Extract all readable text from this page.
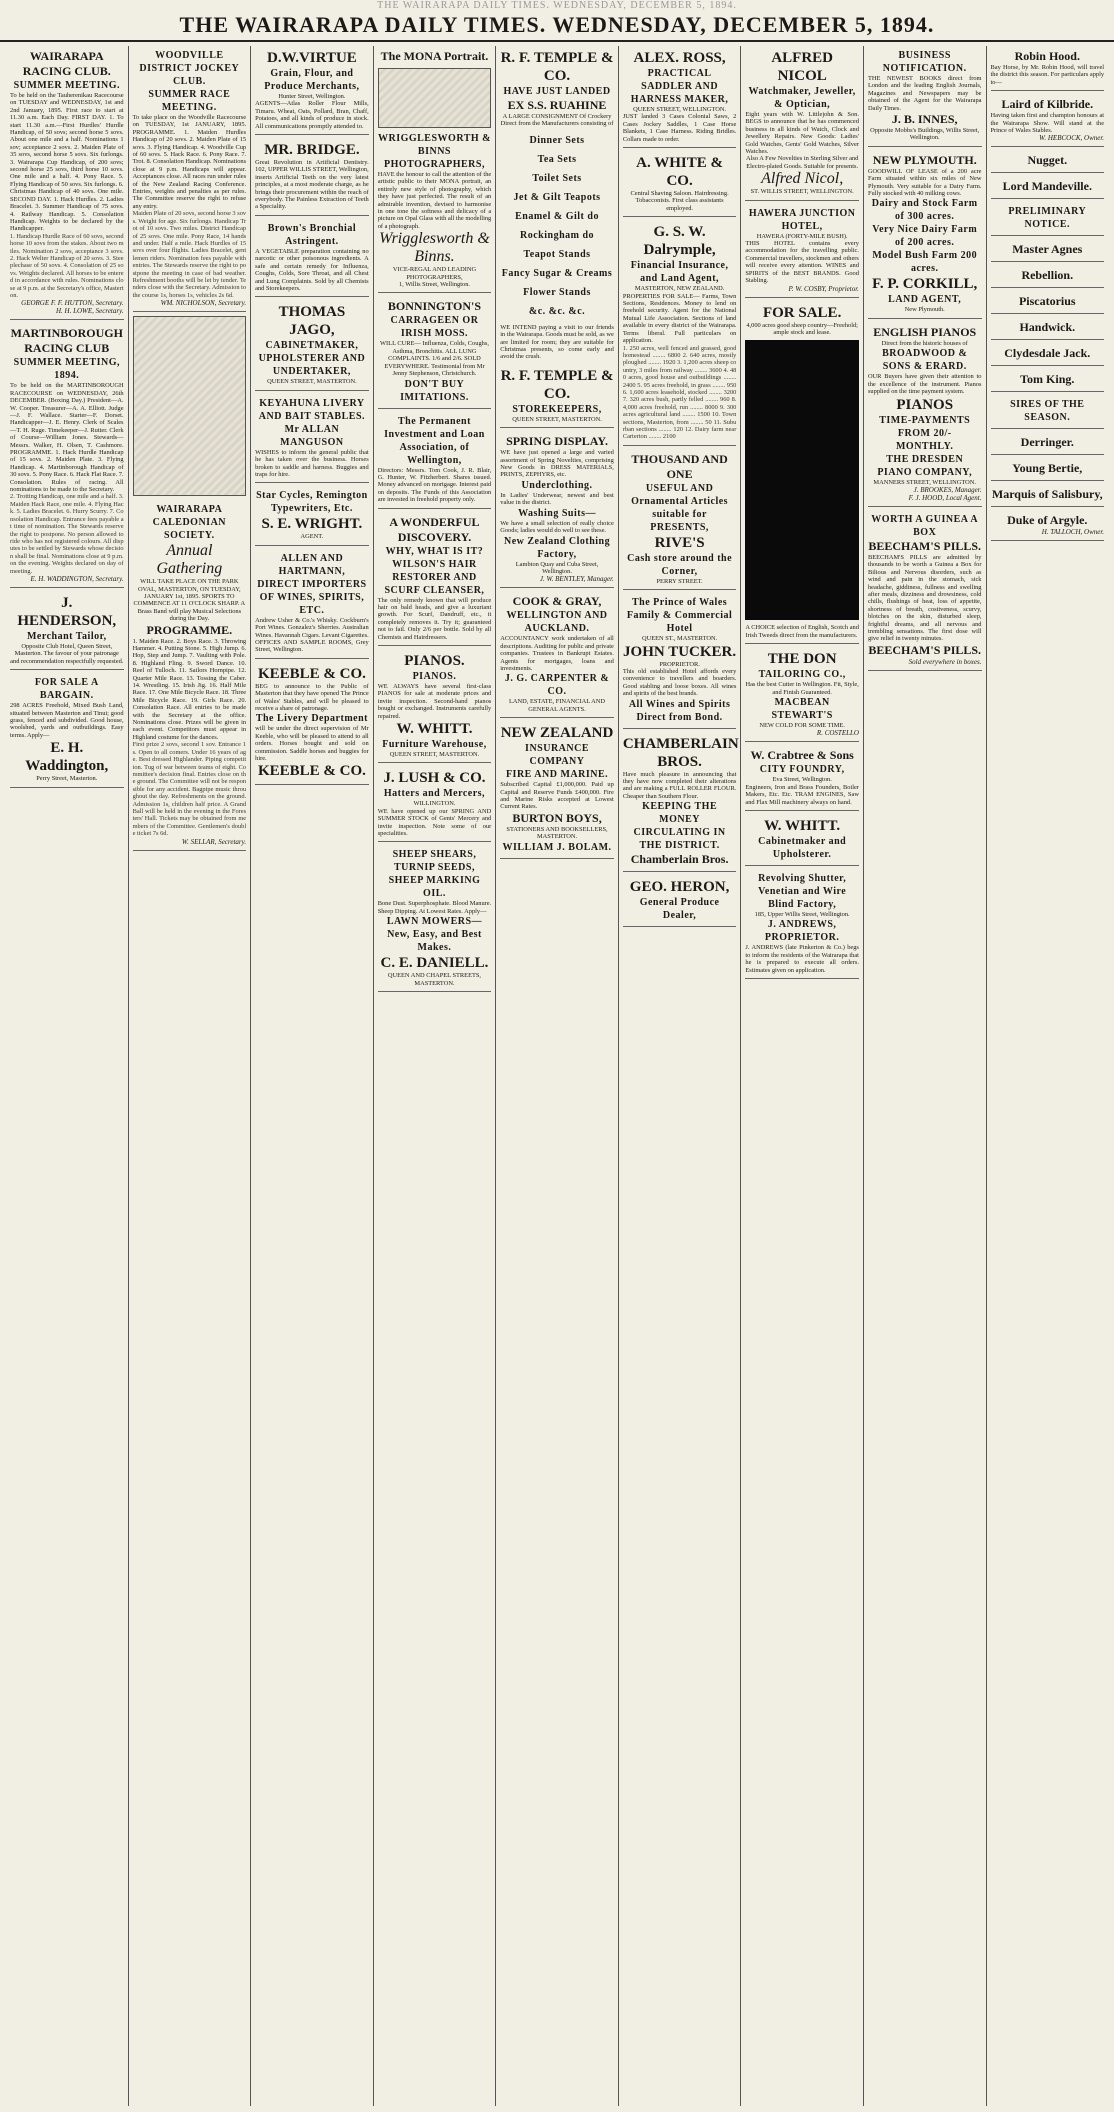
THE WAIRARAPA DAILY TIMES. WEDNESDAY, DECEMBER 5, 1894.
THE WAIRARAPA DAILY TIMES. WEDNESDAY, DECEMBER 5, 1894.
WAIRARAPA RACING CLUB.
SUMMER MEETING.
To be held on the Tauherenikau Racecourse on TUESDAY and WEDNESDAY, 1st and 2nd January, 1895. First race to start at 11.30 a.m. Each Day. FIRST DAY. 1. To start 11.30 a.m.—First Hurdles' Hurdle Handicap, of 50 sovs; second horse 5 sovs. About one mile and a half. Nominations 1 sov; acceptance 2 sovs. 2. Maiden Plate of 35 sovs, second horse 5 sovs. Six furlongs. 3. Wairarapa Cup Handicap, of 200 sovs; second horse 25 sovs, third horse 10 sovs. One mile and a half. 4. Pony Race. 5. Flying Handicap of 50 sovs. Six furlongs. 6. Christmas Handicap of 40 sovs. One mile. SECOND DAY. 1. Hack Hurdles. 2. Ladies Bracelet. 3. Summer Handicap of 75 sovs. 4. Railway Handicap. 5. Consolation Handicap. Weights to be declared by the Handicapper.
1. Handicap Hurdle Race of 60 sovs, second horse 10 sovs from the stakes. About two miles. Nomination 2 sovs, acceptance 3 sovs. 2. Hack Welter Handicap of 20 sovs. 3. Steeplechase of 50 sovs. 4. Consolation of 25 sovs. Weights declared. All horses to be entered in accordance with rules. Nominations close at 9 p.m. at the Secretary's office, Masterton.
GEORGE F. F. HUTTON, Secretary.
H. H. LOWE, Secretary.
MARTINBOROUGH RACING CLUB
SUMMER MEETING, 1894.
To be held on the MARTINBOROUGH RACECOURSE on WEDNESDAY, 26th DECEMBER. (Boxing Day.) President—A. W. Cooper. Treasurer—A. A. Elliott. Judge—J. F. Wallace. Starter—F. Dorset. Handicapper—J. E. Henry. Clerk of Scales—T. H. Ruge. Timekeeper—J. Rutter. Clerk of Course—William Jones. Stewards—Messrs. Walker, H. Olsen, T. Cashmore. PROGRAMME. 1. Hack Hurdle Handicap of 15 sovs. 2. Maiden Plate. 3. Flying Handicap. 4. Martinborough Handicap of 30 sovs. 5. Pony Race. 6. Hack Flat Race. 7. Consolation. Rules of racing. All nominations to be made to the Secretary.
2. Trotting Handicap, one mile and a half. 3. Maiden Hack Race, one mile. 4. Flying Hack. 5. Ladies Bracelet. 6. Hurry Scurry. 7. Consolation Handicap. Entrance fees payable at time of nomination. The Stewards reserve the right to postpone. No person allowed to ride who has not registered colours. All disputes to be settled by Stewards whose decision shall be final. Nominations close at 9 p.m. on the evening. Weights declared on day of meeting.
E. H. WADDINGTON, Secretary.
J. HENDERSON,
Merchant Tailor,
Opposite Club Hotel, Queen Street, Masterton. The favour of your patronage and recommendation respectfully requested.
FOR SALE A BARGAIN.
298 ACRES Freehold, Mixed Bush Land, situated between Masterton and Tinui; good grass, fenced and subdivided. Good house, woolshed, yards and outbuildings. Easy terms. Apply—
E. H. Waddington,
Perry Street, Masterton.
WOODVILLE DISTRICT JOCKEY CLUB.
SUMMER RACE MEETING.
To take place on the Woodville Racecourse on TUESDAY, 1st JANUARY, 1895. PROGRAMME. 1. Maiden Hurdles Handicap of 20 sovs. 2. Maiden Plate of 15 sovs. 3. Flying Handicap. 4. Woodville Cup of 60 sovs. 5. Hack Race. 6. Pony Race. 7. Trot. 8. Consolation Handicap. Nominations close at 9 p.m. Handicaps will appear. Acceptances close. All races run under rules of the New Zealand Racing Conference. Entries, weights and penalties as per rules. The Committee reserve the right to refuse any entry.
Maiden Plate of 20 sovs, second horse 3 sovs. Weight for age. Six furlongs. Handicap Trot of 10 sovs. Two miles. District Handicap of 25 sovs. One mile. Pony Race, 14 hands and under. Half a mile. Hack Hurdles of 15 sovs over four flights. Ladies Bracelet, gentlemen riders. Nomination fees payable with entries. The Stewards reserve the right to postpone the meeting in case of bad weather. Refreshment booths will be let by tender. Tenders close with the Secretary. Admission to the course 1s, horses 1s, vehicles 2s 6d.
WM. NICHOLSON, Secretary.
WAIRARAPA CALEDONIAN SOCIETY.
Annual Gathering
WILL TAKE PLACE ON THE PARK OVAL, MASTERTON, ON TUESDAY, JANUARY 1st, 1895. SPORTS TO COMMENCE AT 11 O'CLOCK SHARP. A Brass Band will play Musical Selections during the Day.
PROGRAMME.
1. Maiden Race. 2. Boys Race. 3. Throwing Hammer. 4. Putting Stone. 5. High Jump. 6. Hop, Step and Jump. 7. Vaulting with Pole. 8. Highland Fling. 9. Sword Dance. 10. Reel of Tulloch. 11. Sailors Hornpipe. 12. Quarter Mile Race. 13. Tossing the Caber. 14. Wrestling. 15. Irish Jig. 16. Half Mile Race. 17. One Mile Bicycle Race. 18. Three Mile Bicycle Race. 19. Girls Race. 20. Consolation Race. All entries to be made with the Secretary at the office. Nominations close. Prizes will be given in each event. Competitors must appear in Highland costume for the dances.
First prize 2 sovs, second 1 sov. Entrance 1s. Open to all comers. Under 16 years of age. Best dressed Highlander. Piping competition. Tug of war between teams of eight. Committee's decision final. Entries close on the ground. The Committee will not be responsible for any accident. Bagpipe music throughout the day. Refreshments on the ground. Admission 1s, children half price. A Grand Ball will be held in the evening in the Foresters' Hall. Tickets may be obtained from members of the Committee. Gentlemen's double ticket 7s 6d.
W. SELLAR, Secretary.
D.W.VIRTUE
Grain, Flour, and Produce Merchants,
Hunter Street, Wellington.
AGENTS—Atlas Roller Flour Mills, Timaru. Wheat, Oats, Pollard, Bran, Chaff, Potatoes, and all kinds of produce in stock. All communications promptly attended to.
MR. BRIDGE.
Great Revolution in Artificial Dentistry. 102, UPPER WILLIS STREET, Wellington, inserts Artificial Teeth on the very latest principles, at a most moderate charge, as he brings their procurement within the reach of everybody. The Painless Extraction of Teeth a Speciality.
Brown's Bronchial Astringent.
A VEGETABLE preparation containing no narcotic or other poisonous ingredients. A safe and certain remedy for Influenza, Coughs, Colds, Sore Throat, and all Chest and Lung Complaints. Sold by all Chemists and Storekeepers.
THOMAS JAGO,
CABINETMAKER, UPHOLSTERER AND UNDERTAKER,
QUEEN STREET, MASTERTON.
KEYAHUNA LIVERY AND BAIT STABLES.
Mr ALLAN MANGUSON
WISHES to inform the general public that he has taken over the business. Horses broken to saddle and harness. Buggies and traps for hire.
Star Cycles, Remington Typewriters, Etc.
S. E. WRIGHT.
AGENT.
ALLEN AND HARTMANN,
DIRECT IMPORTERS OF WINES, SPIRITS, ETC.
Andrew Usher & Co.'s Whisky. Cockburn's Port Wines. Gonzalez's Sherries. Australian Wines. Havannah Cigars. Levant Cigarettes. OFFICES AND SAMPLE ROOMS, Grey Street, Wellington.
KEEBLE & CO.
BEG to announce to the Public of Masterton that they have opened The Prince of Wales' Stables, and will be pleased to receive a share of patronage.
The Livery Department
will be under the direct supervision of Mr Keeble, who will be pleased to attend to all orders. Horses bought and sold on commission. Saddle horses and buggies for hire.
KEEBLE & CO.
The MONA Portrait.
WRIGGLESWORTH & BINNS
PHOTOGRAPHERS,
HAVE the honour to call the attention of the artistic public to their MONA portrait, an entirely new style of photography, which they have just perfected. The result of an admirable invention, devised to harmonise in one tone the softness and delicacy of a picture on Opal Glass with all the modelling of a photograph.
Wrigglesworth & Binns.
VICE-REGAL AND LEADING PHOTOGRAPHERS,
1, Willis Street, Wellington.
BONNINGTON'S
CARRAGEEN OR IRISH MOSS.
WILL CURE— Influenza, Colds, Coughs, Asthma, Bronchitis. ALL LUNG COMPLAINTS. 1/6 and 2/6. SOLD EVERYWHERE. Testimonial from Mr Jenny Stephenson, Christchurch.
DON'T BUY IMITATIONS.
The Permanent Investment and Loan Association, of Wellington,
Directors: Messrs. Tom Cook, J. R. Blair, G. Hunter, W. Fitzherbert. Shares issued. Money advanced on mortgage. Interest paid on deposits. The Funds of this Association are invested in freehold property only.
A WONDERFUL DISCOVERY.
WHY, WHAT IS IT?
WILSON'S HAIR RESTORER AND SCURF CLEANSER,
The only remedy known that will produce hair on bald heads, and give a luxuriant growth. For Scurf, Dandruff, etc., it completely removes it. Try it; guaranteed not to fail. Only 2/6 per bottle. Sold by all Chemists and Hairdressers.
PIANOS.
PIANOS.
WE ALWAYS have several first-class PIANOS for sale at moderate prices and invite inspection. Second-hand pianos bought or exchanged. Instruments carefully repaired.
W. WHITT.
Furniture Warehouse,
QUEEN STREET, MASTERTON.
J. LUSH & CO.
Hatters and Mercers,
WILLINGTON.
WE have opened up our SPRING AND SUMMER STOCK of Gents' Mercery and invite inspection. Note some of our specialities.
SHEEP SHEARS, TURNIP SEEDS, SHEEP MARKING OIL.
Bone Dust. Superphosphate. Blood Manure. Sheep Dipping. At Lowest Rates. Apply—
LAWN MOWERS—New, Easy, and Best Makes.
C. E. DANIELL.
QUEEN AND CHAPEL STREETS, MASTERTON.
R. F. TEMPLE & CO.
HAVE JUST LANDED
EX S.S. RUAHINE
A LARGE CONSIGNMENT Of Crockery Direct from the Manufacturers consisting of
Dinner Sets
Tea Sets
Toilet Sets
Jet & Gilt Teapots
Enamel & Gilt do
Rockingham do
Teapot Stands
Fancy Sugar & Creams
Flower Stands
&c. &c. &c.
WE INTEND paying a visit to our friends in the Wairarapa. Goods must be sold, as we are limited for room; they are suitable for Christmas presents, so come early and avoid the crush.
R. F. TEMPLE & CO.
STOREKEEPERS,
QUEEN STREET, MASTERTON.
SPRING DISPLAY.
WE have just opened a large and varied assortment of Spring Novelties, comprising New Goods in DRESS MATERIALS, PRINTS, ZEPHYRS, etc.
Underclothing.
In Ladies' Underwear, newest and best value in the district.
Washing Suits—
We have a small selection of really choice Goods; ladies would do well to see these.
New Zealand Clothing Factory,
Lambton Quay and Cuba Street, Wellington.
J. W. BENTLEY, Manager.
COOK & GRAY,
WELLINGTON AND AUCKLAND.
ACCOUNTANCY work undertaken of all descriptions. Auditing for public and private companies. Trustees in Bankrupt Estates. Agents for mortgages, loans and investments.
J. G. CARPENTER & CO.
LAND, ESTATE, FINANCIAL AND GENERAL AGENTS.
NEW ZEALAND
INSURANCE COMPANY
FIRE AND MARINE.
Subscribed Capital £1,000,000. Paid up Capital and Reserve Funds £400,000. Fire and Marine Risks accepted at Lowest Current Rates.
BURTON BOYS,
STATIONERS AND BOOKSELLERS, MASTERTON.
WILLIAM J. BOLAM.
ALEX. ROSS,
PRACTICAL SADDLER AND HARNESS MAKER,
QUEEN STREET, WELLINGTON.
JUST landed 3 Cases Colonial Saws, 2 Cases Jockey Saddles, 1 Case Horse Blankets, 1 Case Harness. Riding Bridles. Collars made to order.
A. WHITE & CO.
Central Shaving Saloon. Hairdressing. Tobacconists. First class assistants employed.
G. S. W. Dalrymple,
Financial Insurance, and Land Agent,
MASTERTON, NEW ZEALAND.
PROPERTIES FOR SALE— Farms, Town Sections, Residences. Money to lend on freehold security. Agent for the National Mutual Life Association. Sections of land available in every district of the Wairarapa. Terms liberal. Full particulars on application.
1. 250 acres, well fenced and grassed, good homestead ........ 6800 2. 640 acres, mostly ploughed ........ 1920 3. 1,200 acres sheep country, 3 miles from railway ........ 3600 4. 480 acres, good house and outbuildings ........ 2400 5. 95 acres freehold, in grass ........ 950 6. 1,600 acres leasehold, stocked ........ 3200 7. 320 acres bush, partly felled ........ 960 8. 4,000 acres freehold, run ........ 8000 9. 300 acres agricultural land ........ 1500 10. Town sections, Masterton, from ........ 50 11. Suburban sections ........ 120 12. Dairy farm near Carterton ........ 2100
THOUSAND AND ONE
USEFUL AND Ornamental Articles suitable for PRESENTS,
RIVE'S
Cash store around the Corner,
PERRY STREET.
The Prince of Wales Family & Commercial Hotel
QUEEN ST., MASTERTON.
JOHN TUCKER.
PROPRIETOR.
This old established Hotel affords every convenience to travellers and boarders. Good stabling and loose boxes. All wines and spirits of the best brands.
All Wines and Spirits Direct from Bond.
CHAMBERLAIN BROS.
Have much pleasure in announcing that they have now completed their alterations and are making a FULL ROLLER FLOUR. Cheaper than Southern Flour.
KEEPING THE MONEY CIRCULATING IN THE DISTRICT.
Chamberlain Bros.
GEO. HERON,
General Produce Dealer,
ALFRED NICOL
Watchmaker, Jeweller, & Optician,
Eight years with W. Littlejohn & Son. BEGS to announce that he has commenced business in all kinds of Watch, Clock and Jewellery Repairs. New Goods: Ladies' Gold Watches, Gents' Gold Watches, Silver Watches.
Also A Few Novelties in Sterling Silver and Electro-plated Goods. Suitable for presents.
Alfred Nicol,
ST. WILLIS STREET, WELLINGTON.
HAWERA JUNCTION HOTEL,
HAWERA (FORTY-MILE BUSH).
THIS HOTEL contains every accommodation for the travelling public. Commercial travellers, stockmen and others will receive every attention. WINES and SPIRITS of the BEST BRANDS. Good Stabling.
P. W. COSBY, Proprietor.
FOR SALE.
4,000 acres good sheep country—Freehold; ample stock and lease.
A CHOICE selection of English, Scotch and Irish Tweeds direct from the manufacturers.
THE DON
TAILORING CO.,
Has the best Cutter in Wellington. Fit, Style, and Finish Guaranteed.
MACBEAN STEWART'S
NEW COLD FOR SOME TIME.
R. COSTELLO
W. Crabtree & Sons
CITY FOUNDRY,
Eva Street, Wellington.
Engineers, Iron and Brass Founders, Boiler Makers, Etc. Etc. TRAM ENGINES, Saw and Flax Mill machinery always on hand.
W. WHITT.
Cabinetmaker and Upholsterer.
Revolving Shutter, Venetian and Wire Blind Factory,
185, Upper Willis Street, Wellington.
J. ANDREWS, PROPRIETOR.
J. ANDREWS (late Pinkerton & Co.) begs to inform the residents of the Wairarapa that he is prepared to execute all orders. Estimates given on application.
BUSINESS NOTIFICATION.
THE NEWEST BOOKS direct from London and the leading English Journals, Magazines and Newspapers may be obtained of the Agent for the Wairarapa Daily Times.
J. B. INNES,
Opposite Mobbs's Buildings, Willis Street, Wellington.
NEW PLYMOUTH.
GOODWILL OF LEASE of a 200 acre Farm situated within six miles of New Plymouth. Very suitable for a Dairy Farm. Fully stocked with 40 milking cows.
Dairy and Stock Farm of 300 acres.
Very Nice Dairy Farm of 200 acres.
Model Bush Farm 200 acres.
F. P. CORKILL,
LAND AGENT,
New Plymouth.
ENGLISH PIANOS
Direct from the historic houses of
BROADWOOD & SONS & ERARD.
OUR Buyers have given their attention to the excellence of the instrument. Pianos supplied on the time payment system.
PIANOS
TIME-PAYMENTS FROM 20/- MONTHLY.
THE DRESDEN PIANO COMPANY,
MANNERS STREET, WELLINGTON.
J. BROOKES, Manager.
F. J. HOOD, Local Agent.
WORTH A GUINEA A BOX
BEECHAM'S PILLS.
BEECHAM'S PILLS are admitted by thousands to be worth a Guinea a Box for Bilious and Nervous disorders, such as wind and pain in the stomach, sick headache, giddiness, fullness and swelling after meals, dizziness and drowsiness, cold chills, flushings of heat, loss of appetite, shortness of breath, costiveness, scurvy, blotches on the skin, disturbed sleep, frightful dreams, and all nervous and trembling sensations. The first dose will give relief in twenty minutes.
BEECHAM'S PILLS.
Sold everywhere in boxes.
Robin Hood.
Bay Horse, by Mr. Robin Hood, will travel the district this season. For particulars apply to—
Laird of Kilbride.
Having taken first and champion honours at the Wairarapa Show. Will stand at the Prince of Wales Stables.
W. HEBCOCK, Owner.
Nugget.
Lord Mandeville.
PRELIMINARY NOTICE.
Master Agnes
Rebellion.
Piscatorius
Handwick.
Clydesdale Jack.
Tom King.
SIRES OF THE SEASON.
Derringer.
Young Bertie,
Marquis of Salisbury,
Duke of Argyle.
H. TALLOCH, Owner.
